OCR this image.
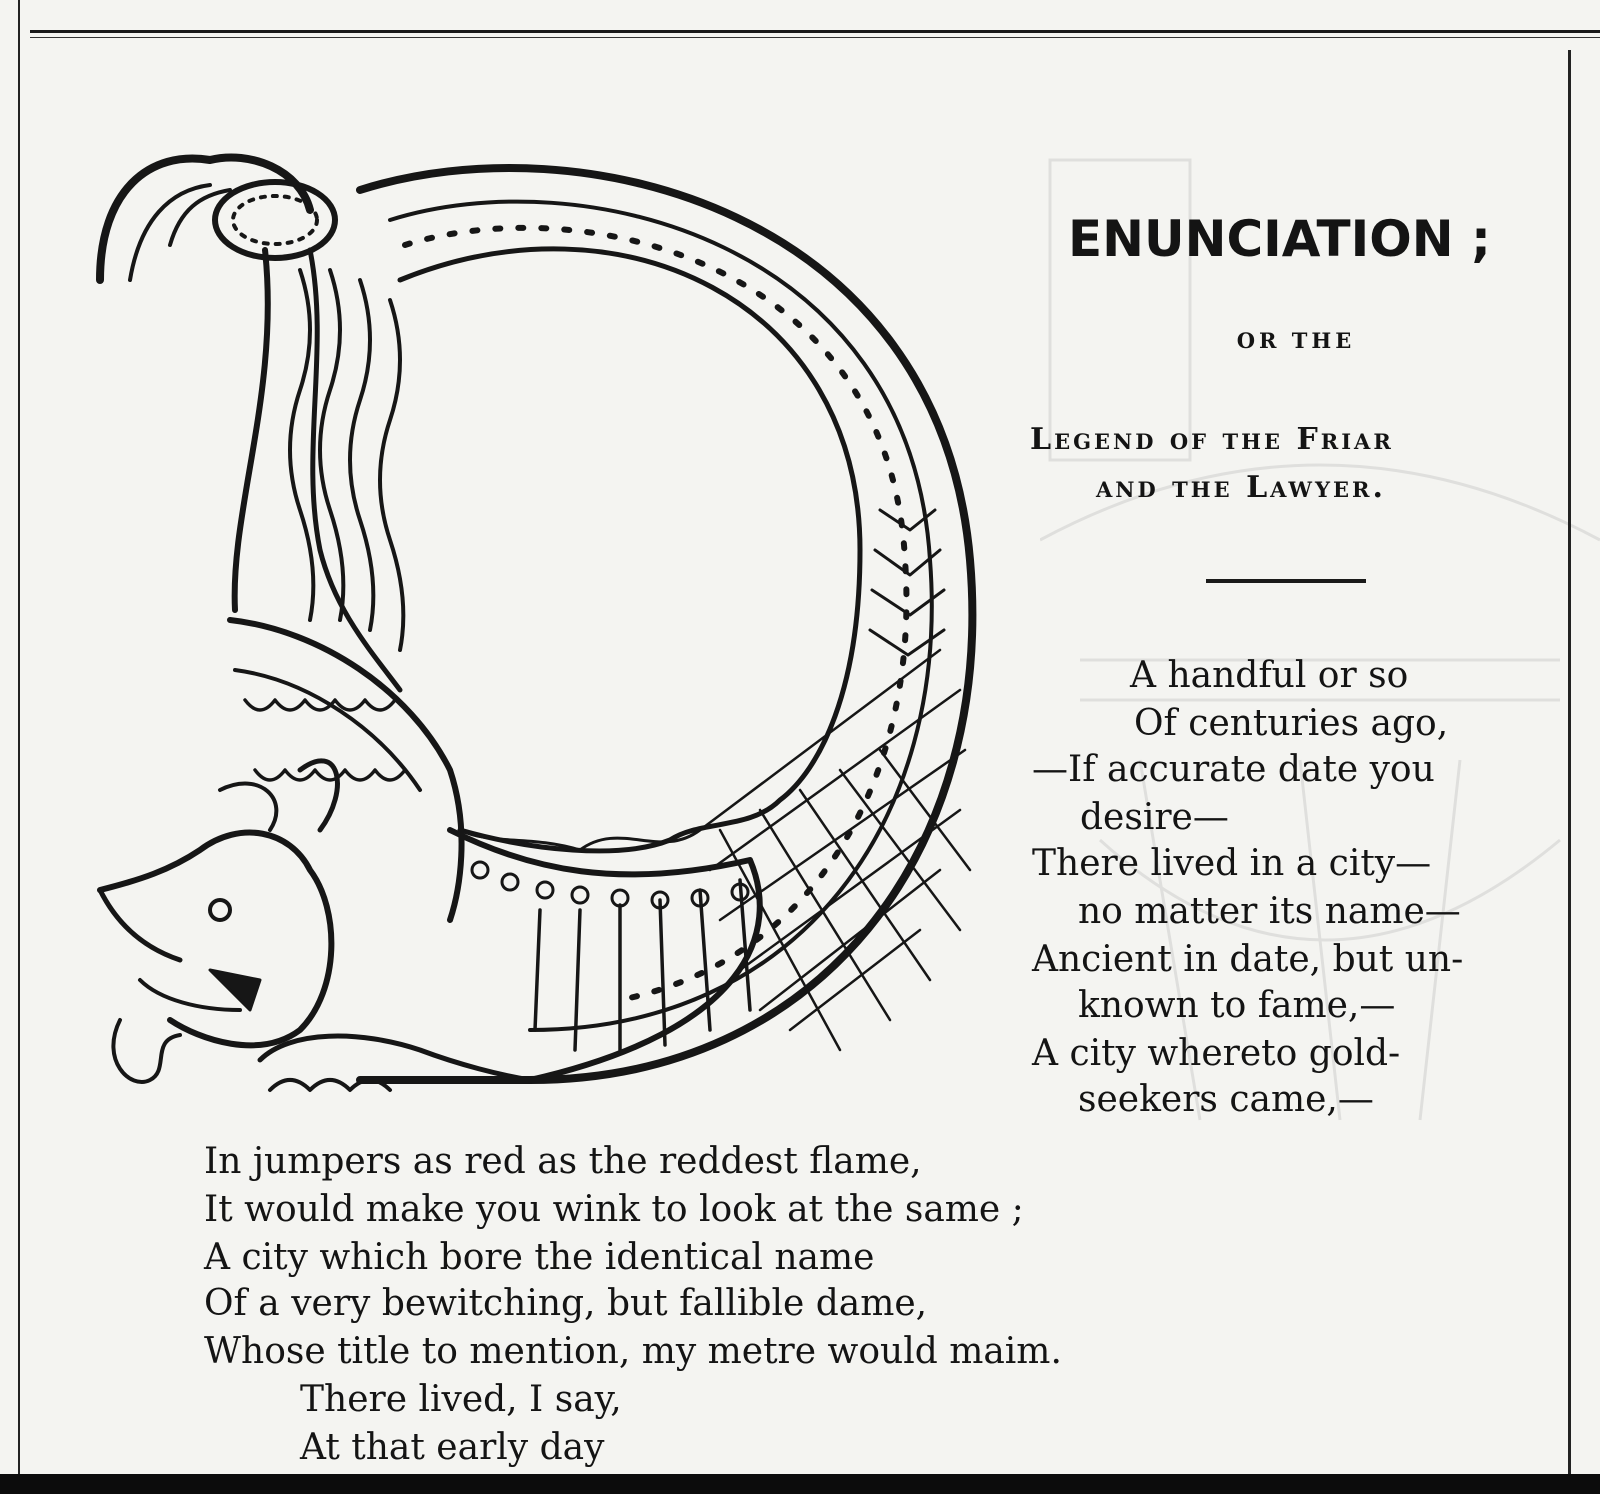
ENUNCIATION ;
OR THE
Legend of the Friar
and the Lawyer.
A handful or so
Of centuries ago,
—If accurate date you
desire—
There lived in a city—
no matter its name—
Ancient in date, but un-
known to fame,—
A city whereto gold-
seekers came,—
In jumpers as red as the reddest flame,
It would make you wink to look at the same ;
A city which bore the identical name
Of a very bewitching, but fallible dame,
Whose title to mention, my metre would maim.
There lived, I say,
At that early day
